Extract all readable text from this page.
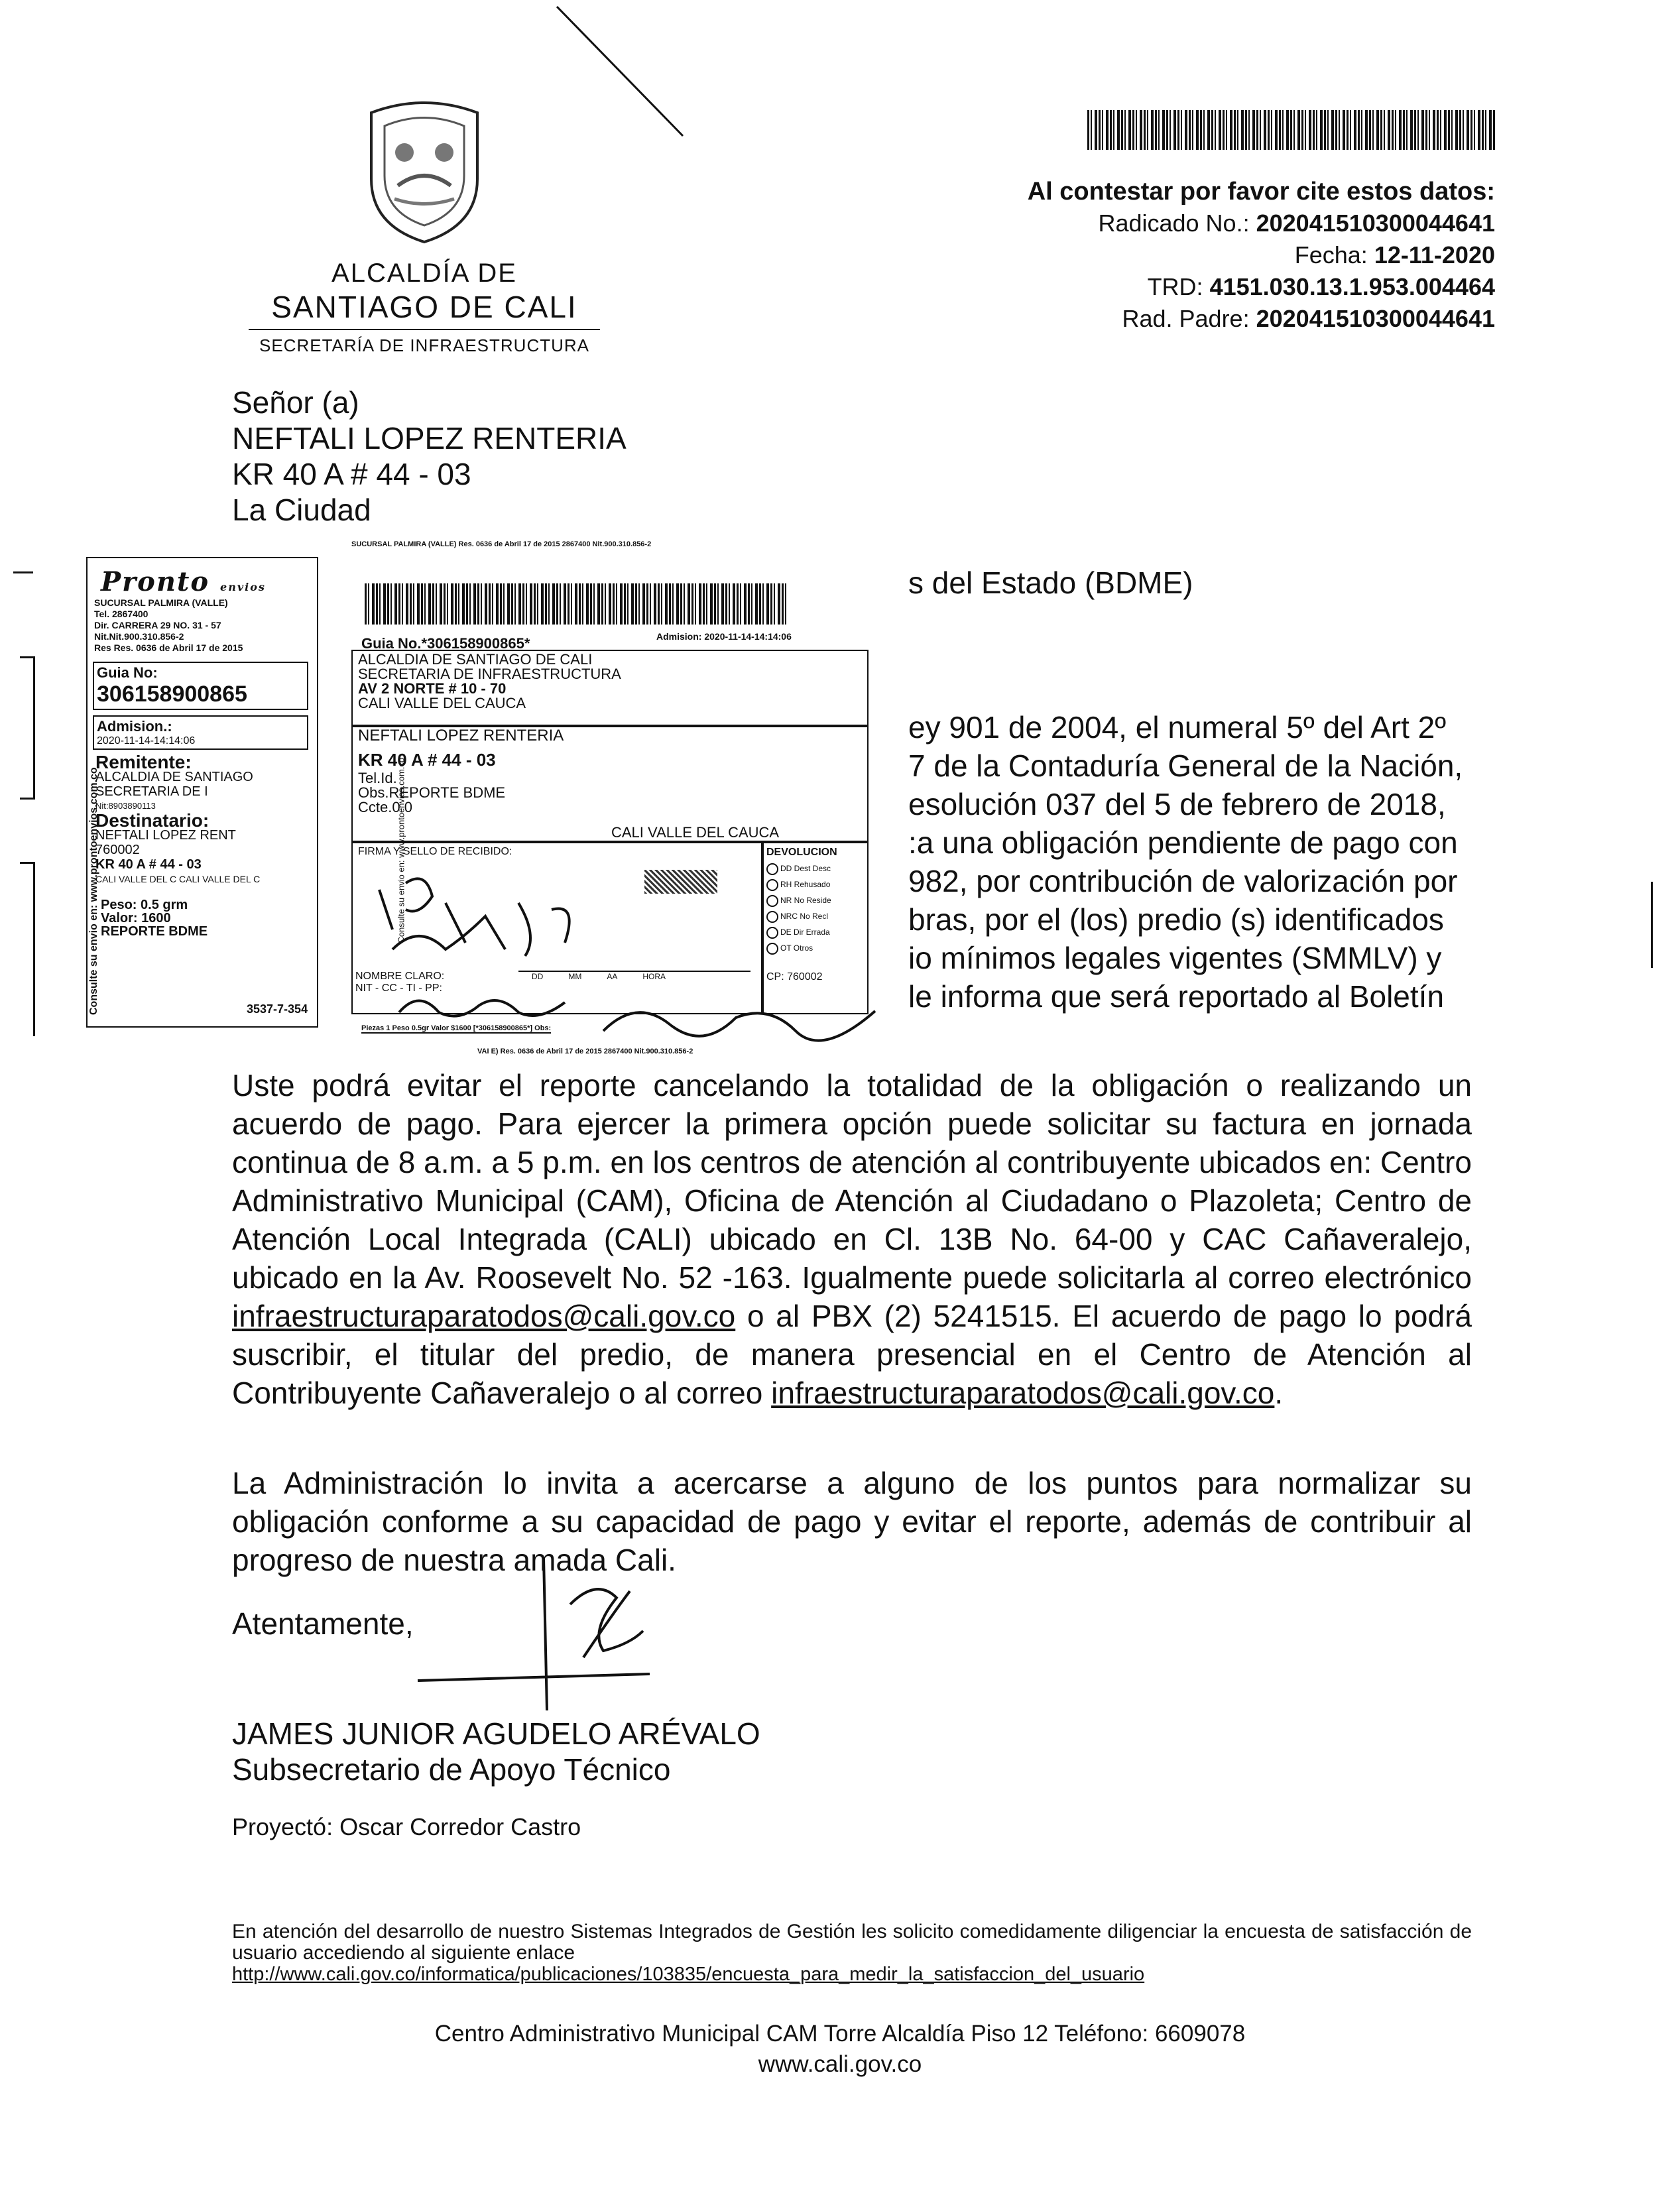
ALCALDÍA DE
SANTIAGO DE CALI
SECRETARÍA DE INFRAESTRUCTURA
Al contestar por favor cite estos datos:
Radicado No.: 202041510300044641
Fecha: 12-11-2020
TRD: 4151.030.13.1.953.004464
Rad. Padre: 202041510300044641
Señor (a)
NEFTALI LOPEZ RENTERIA
KR 40 A # 44 - 03
La Ciudad
s del Estado (BDME)
ey 901 de 2004, el numeral 5º del Art 2º
7 de la Contaduría General de la Nación,
esolución 037 del 5 de febrero de 2018,
:a una obligación pendiente de pago con
982, por contribución de valorización por
bras, por el (los) predio (s) identificados
io mínimos legales vigentes (SMMLV) y
le informa que será reportado al Boletín
Pronto envios
SUCURSAL PALMIRA (VALLE)
Tel. 2867400
Dir. CARRERA 29 NO. 31 - 57
Nit.Nit.900.310.856-2
Res Res. 0636 de Abril 17 de 2015
Guia No:
306158900865
Admision.:
2020-11-14-14:14:06
Remitente:
ALCALDIA DE SANTIAGO
SECRETARIA DE I
Nit:8903890113
Destinatario:
NEFTALI LOPEZ RENT
760002
KR 40 A # 44 - 03
CALI VALLE DEL C CALI VALLE DEL C
Peso: 0.5 grm
Valor: 1600
REPORTE BDME
3537-7-354
Consulte su envio en: www.prontoenvios.com.co
SUCURSAL PALMIRA (VALLE) Res. 0636 de Abril 17 de 2015 2867400 Nit.900.310.856-2
Guia No.*306158900865*	Admision: 2020-11-14-14:14:06
ALCALDIA DE SANTIAGO DE CALI
SECRETARIA DE INFRAESTRUCTURA
AV 2 NORTE # 10 - 70
CALI VALLE DEL CAUCA
NEFTALI LOPEZ RENTERIA
KR 40 A # 44 - 03
Tel.Id.
Obs.REPORTE BDME
Ccte.0 0
CALI VALLE DEL CAUCA
FIRMA Y SELLO DE RECIBIDO:
NOMBRE CLARO:
NIT - CC - TI - PP:
DD	MM	AA	HORA
DEVOLUCION
DD Dest Desc
RH Rehusado
NR No Reside
NRC No Recl
DE Dir Errada
OT Otros
CP: 760002
Piezas 1 Peso 0.5gr Valor $1600 [*306158900865*] Obs:
VAI E) Res. 0636 de Abril 17 de 2015 2867400 Nit.900.310.856-2
Consulte su envio en: www.prontoenvios.com.co
Uste podrá evitar el reporte cancelando la totalidad de la obligación o realizando un acuerdo de pago. Para ejercer la primera opción puede solicitar su factura en jornada continua de 8 a.m. a 5 p.m. en los centros de atención al contribuyente ubicados en: Centro Administrativo Municipal (CAM), Oficina de Atención al Ciudadano o Plazoleta; Centro de Atención Local Integrada (CALI) ubicado en Cl. 13B No. 64-00 y CAC Cañaveralejo, ubicado en la Av. Roosevelt No. 52 -163. Igualmente puede solicitarla al correo electrónico infraestructuraparatodos@cali.gov.co o al PBX (2) 5241515. El acuerdo de pago lo podrá suscribir, el titular del predio, de manera presencial en el Centro de Atención al Contribuyente Cañaveralejo o al correo infraestructuraparatodos@cali.gov.co.
La Administración lo invita a acercarse a alguno de los puntos para normalizar su obligación conforme a su capacidad de pago y evitar el reporte, además de contribuir al progreso de nuestra amada Cali.
Atentamente,
JAMES JUNIOR AGUDELO ARÉVALO
Subsecretario de Apoyo Técnico
Proyectó: Oscar Corredor Castro
En atención del desarrollo de nuestro Sistemas Integrados de Gestión les solicito comedidamente diligenciar la encuesta de satisfacción de usuario accediendo al siguiente enlace
http://www.cali.gov.co/informatica/publicaciones/103835/encuesta_para_medir_la_satisfaccion_del_usuario
Centro Administrativo Municipal CAM Torre Alcaldía Piso 12 Teléfono: 6609078
www.cali.gov.co
